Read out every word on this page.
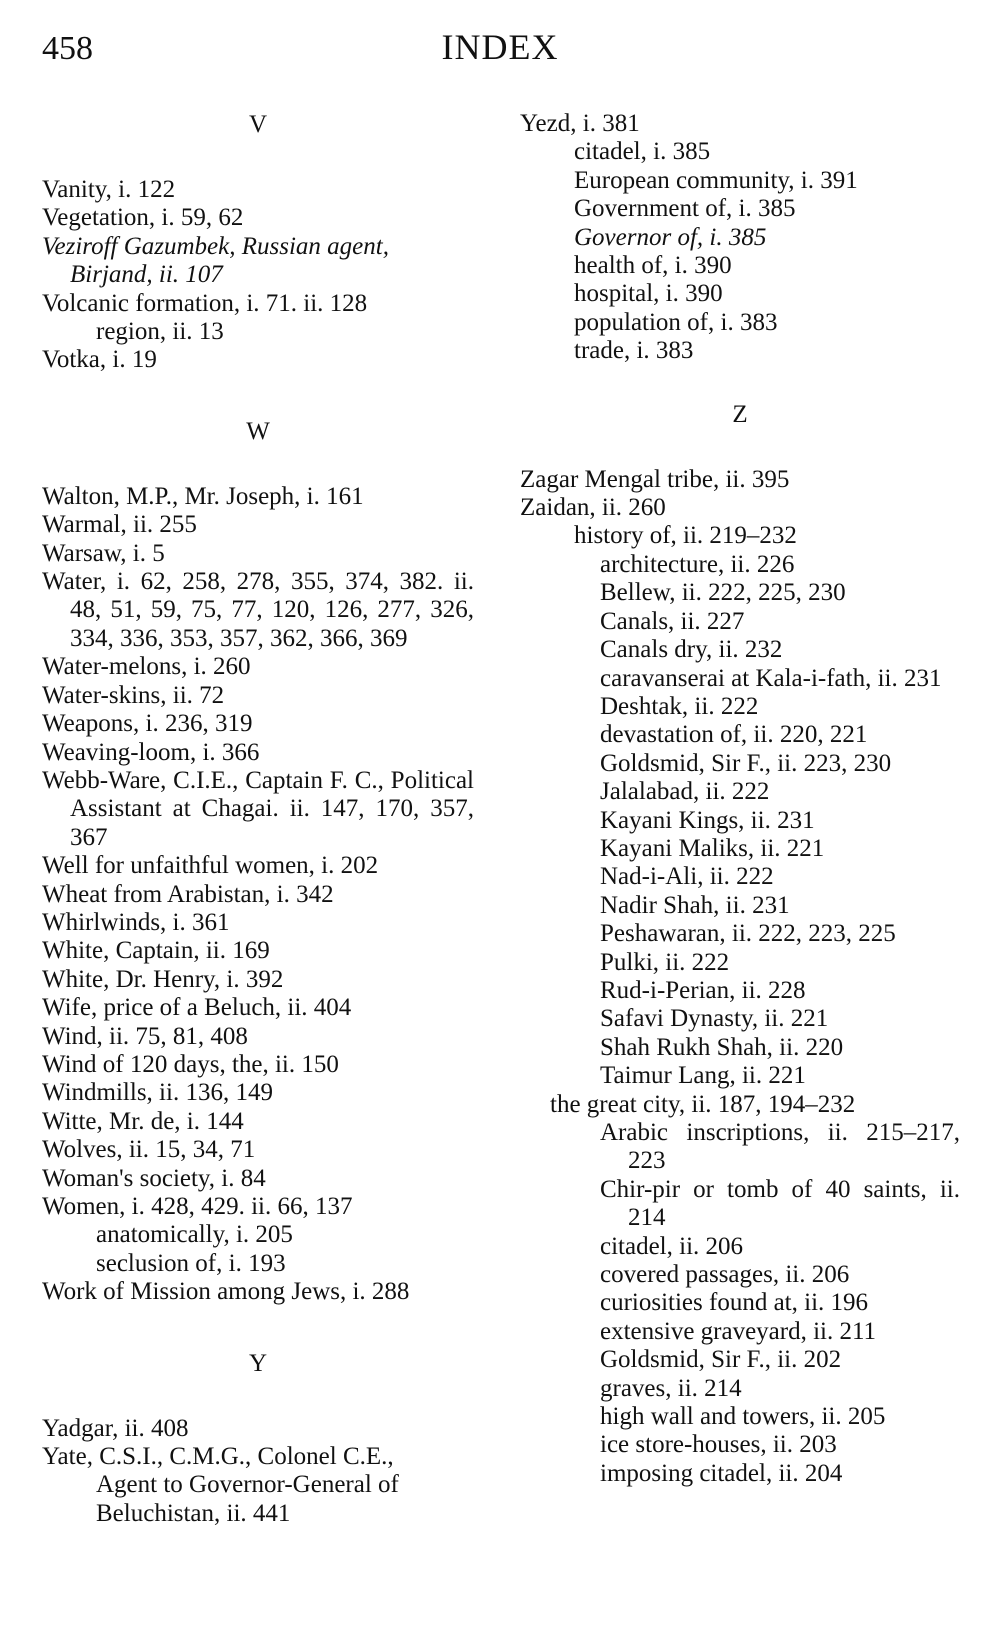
458	INDEX
V

Vanity, i. 122

Vegetation, i. 59, 62

Veziroff Gazumbek, Russian agent, Birjand, ii. 107

Volcanic formation, i. 71. ii. 128

region, ii. 13

Votka, i. 19

W

Walton, M.P., Mr. Joseph, i. 161

Warmal, ii. 255

Warsaw, i. 5

Water, i. 62, 258, 278, 355, 374, 382. ii. 48, 51, 59, 75, 77, 120, 126, 277, 326, 334, 336, 353, 357, 362, 366, 369

Water-melons, i. 260

Water-skins, ii. 72

Weapons, i. 236, 319

Weaving-loom, i. 366

Webb-Ware, C.I.E., Captain F. C., Political Assistant at Chagai. ii. 147, 170, 357, 367

Well for unfaithful women, i. 202

Wheat from Arabistan, i. 342

Whirlwinds, i. 361

White, Captain, ii. 169

White, Dr. Henry, i. 392

Wife, price of a Beluch, ii. 404

Wind, ii. 75, 81, 408

Wind of 120 days, the, ii. 150

Windmills, ii. 136, 149

Witte, Mr. de, i. 144

Wolves, ii. 15, 34, 71

Woman's society, i. 84

Women, i. 428, 429. ii. 66, 137

anatomically, i. 205

seclusion of, i. 193

Work of Mission among Jews, i. 288

Y

Yadgar, ii. 408

Yate, C.S.I., C.M.G., Colonel C.E.,

Agent to Governor-General of

Beluchistan, ii. 441

Yezd, i. 381

citadel, i. 385

European community, i. 391

Government of, i. 385

Governor of, i. 385

health of, i. 390

hospital, i. 390

population of, i. 383

trade, i. 383

Z

Zagar Mengal tribe, ii. 395

Zaidan, ii. 260

history of, ii. 219–232

architecture, ii. 226

Bellew, ii. 222, 225, 230

Canals, ii. 227

Canals dry, ii. 232

caravanserai at Kala-i-fath, ii. 231

Deshtak, ii. 222

devastation of, ii. 220, 221

Goldsmid, Sir F., ii. 223, 230

Jalalabad, ii. 222

Kayani Kings, ii. 231

Kayani Maliks, ii. 221

Nad-i-Ali, ii. 222

Nadir Shah, ii. 231

Peshawaran, ii. 222, 223, 225

Pulki, ii. 222

Rud-i-Perian, ii. 228

Safavi Dynasty, ii. 221

Shah Rukh Shah, ii. 220

Taimur Lang, ii. 221

the great city, ii. 187, 194–232

Arabic inscriptions, ii. 215–217, 223

Chir-pir or tomb of 40 saints, ii. 214

citadel, ii. 206

covered passages, ii. 206

curiosities found at, ii. 196

extensive graveyard, ii. 211

Goldsmid, Sir F., ii. 202

graves, ii. 214

high wall and towers, ii. 205

ice store-houses, ii. 203

imposing citadel, ii. 204
